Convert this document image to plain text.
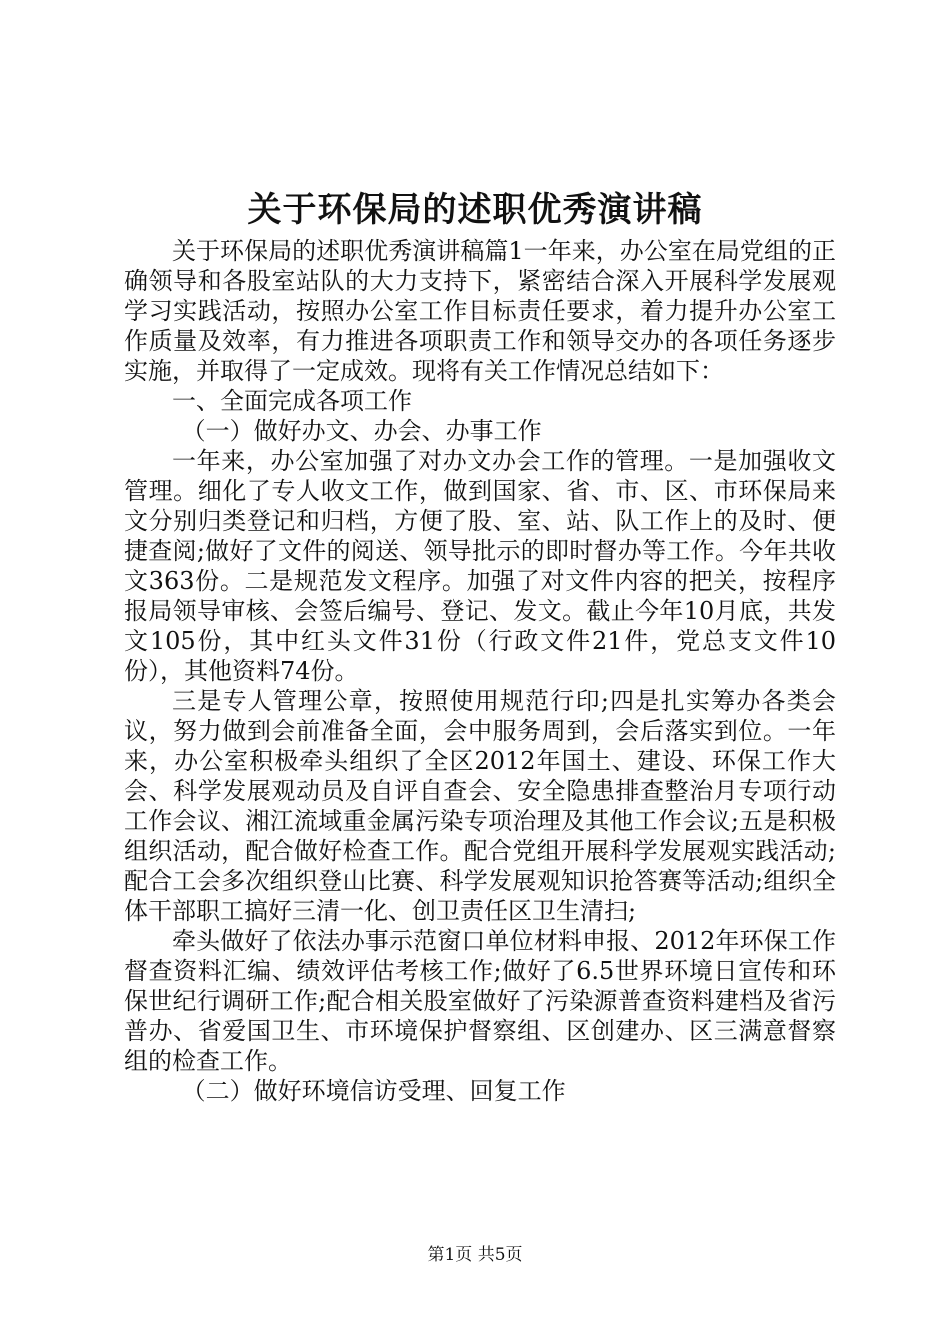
关于环保局的述职优秀演讲稿

关于环保局的述职优秀演讲稿篇1一年来，办公室在局党组的正确领导和各股室站队的大力支持下，紧密结合深入开展科学发展观学习实践活动，按照办公室工作目标责任要求，着力提升办公室工作质量及效率，有力推进各项职责工作和领导交办的各项任务逐步实施，并取得了一定成效。现将有关工作情况总结如下：

一、全面完成各项工作

（一）做好办文、办会、办事工作

一年来，办公室加强了对办文办会工作的管理。一是加强收文管理。细化了专人收文工作，做到国家、省、市、区、市环保局来文分别归类登记和归档，方便了股、室、站、队工作上的及时、便捷查阅;做好了文件的阅送、领导批示的即时督办等工作。今年共收文363份。二是规范发文程序。加强了对文件内容的把关，按程序报局领导审核、会签后编号、登记、发文。截止今年10月底，共发文105份，其中红头文件31份（行政文件21件，党总支文件10份），其他资料74份。

三是专人管理公章，按照使用规范行印;四是扎实筹办各类会议，努力做到会前准备全面，会中服务周到，会后落实到位。一年来，办公室积极牵头组织了全区2012年国土、建设、环保工作大会、科学发展观动员及自评自查会、安全隐患排查整治月专项行动工作会议、湘江流域重金属污染专项治理及其他工作会议;五是积极组织活动，配合做好检查工作。配合党组开展科学发展观实践活动;配合工会多次组织登山比赛、科学发展观知识抢答赛等活动;组织全体干部职工搞好三清一化、创卫责任区卫生清扫;

牵头做好了依法办事示范窗口单位材料申报、2012年环保工作督查资料汇编、绩效评估考核工作;做好了6.5世界环境日宣传和环保世纪行调研工作;配合相关股室做好了污染源普查资料建档及省污普办、省爱国卫生、市环境保护督察组、区创建办、区三满意督察组的检查工作。

（二）做好环境信访受理、回复工作

第1页 共5页
